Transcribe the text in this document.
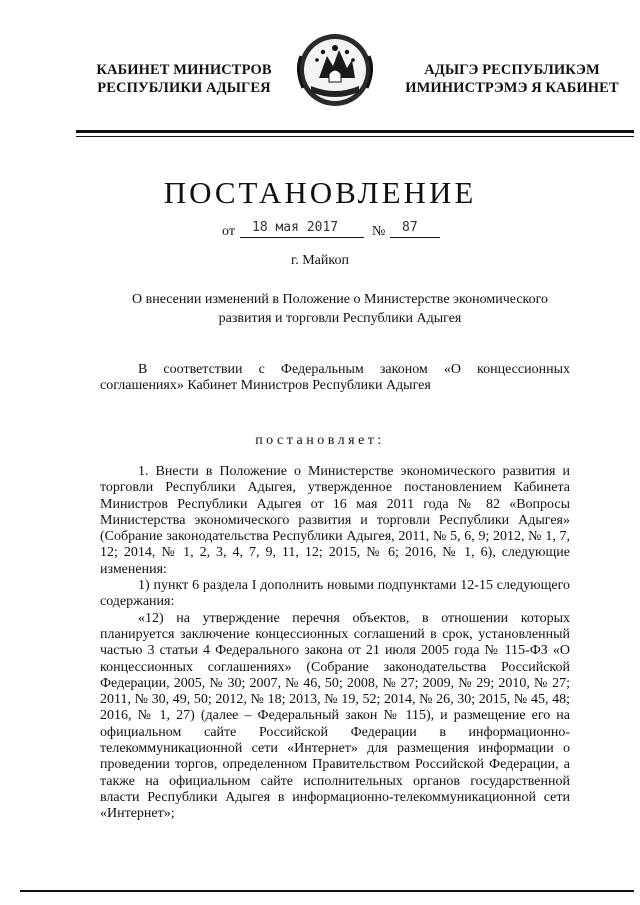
КАБИНЕТ МИНИСТРОВ
РЕСПУБЛИКИ АДЫГЕЯ
АДЫГЭ РЕСПУБЛИКЭМ
ИМИНИСТРЭМЭ Я КАБИНЕТ
ПОСТАНОВЛЕНИЕ
от	18 мая 2017	№	87
г. Майкоп
О внесении изменений в Положение о Министерстве экономического развития и торговли Республики Адыгея

В соответствии с Федеральным законом «О концессионных соглашениях» Кабинет Министров Республики Адыгея

постановляет:

1. Внести в Положение о Министерстве экономического развития и торговли Республики Адыгея, утвержденное постановлением Кабинета Министров Республики Адыгея от 16 мая 2011 года № 82 «Вопросы Министерства экономического развития и торговли Республики Адыгея» (Собрание законодательства Республики Адыгея, 2011, № 5, 6, 9; 2012, № 1, 7, 12; 2014, № 1, 2, 3, 4, 7, 9, 11, 12; 2015, № 6; 2016, № 1, 6), следующие изменения:

1) пункт 6 раздела I дополнить новыми подпунктами 12-15 следующего содержания:

«12) на утверждение перечня объектов, в отношении которых планируется заключение концессионных соглашений в срок, установленный частью 3 статьи 4 Федерального закона от 21 июля 2005 года № 115-ФЗ «О концессионных соглашениях» (Собрание законодательства Российской Федерации, 2005, № 30; 2007, № 46, 50; 2008, № 27; 2009, № 29; 2010, № 27; 2011, № 30, 49, 50; 2012, № 18; 2013, № 19, 52; 2014, № 26, 30; 2015, № 45, 48; 2016, № 1, 27) (далее – Федеральный закон № 115), и размещение его на официальном сайте Российской Федерации в информационно-телекоммуникационной сети «Интернет» для размещения информации о проведении торгов, определенном Правительством Российской Федерации, а также на официальном сайте исполнительных органов государственной власти Республики Адыгея в информационно-телекоммуникационной сети «Интернет»;
